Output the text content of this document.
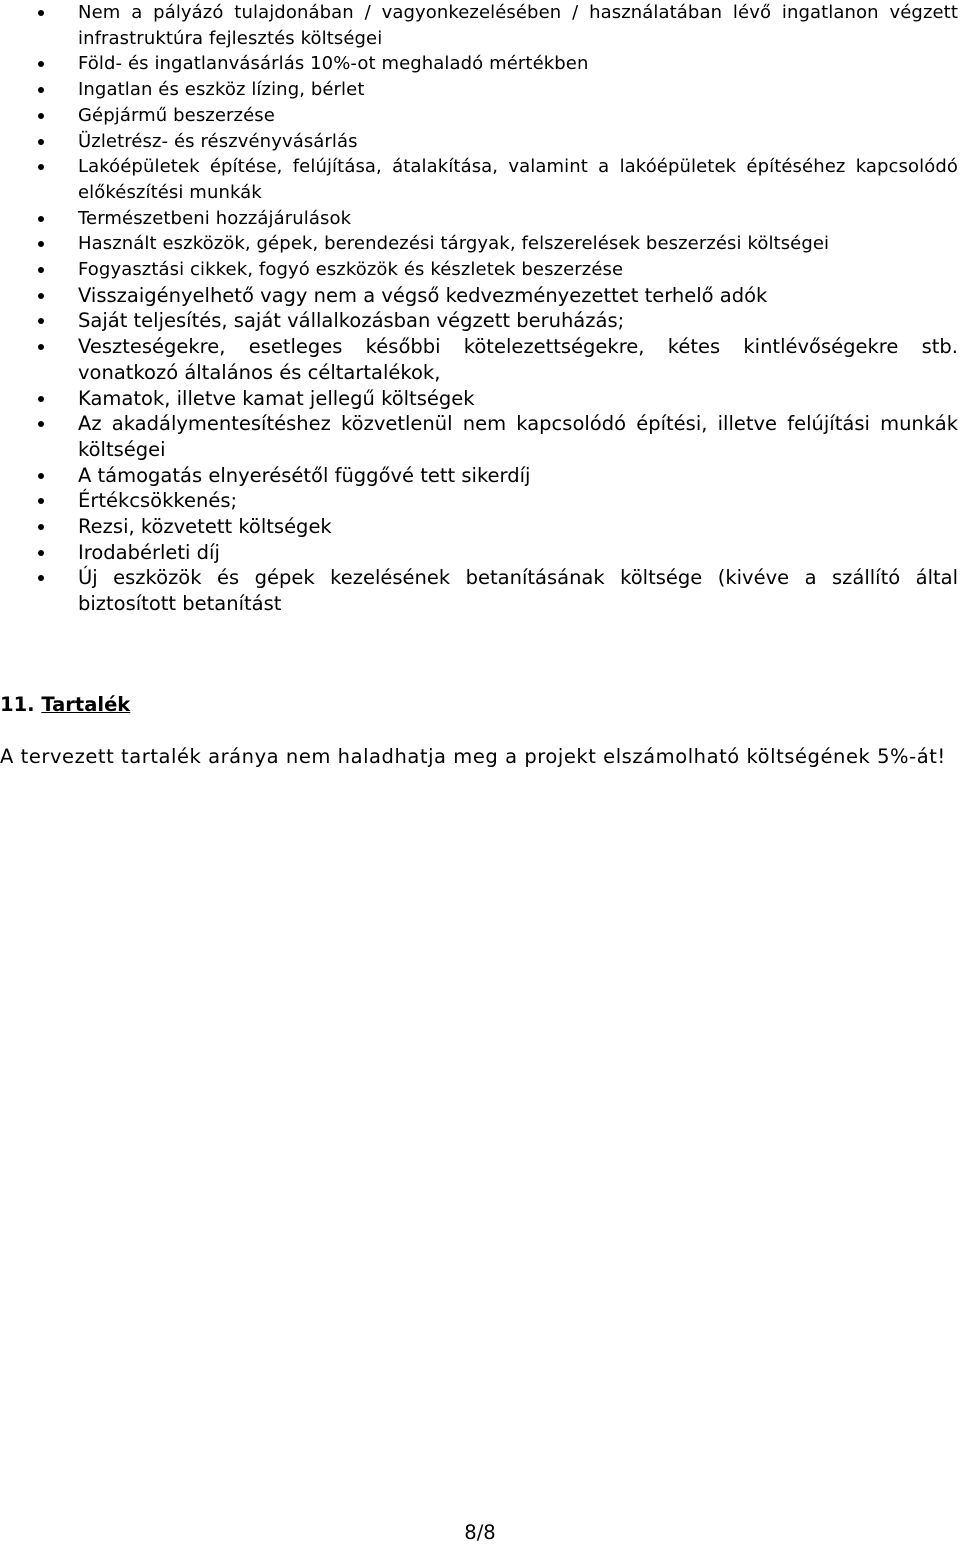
Nem a pályázó tulajdonában / vagyonkezelésében / használatában lévő ingatlanon végzett infrastruktúra fejlesztés költségei
Föld- és ingatlanvásárlás 10%-ot meghaladó mértékben
Ingatlan és eszköz lízing, bérlet
Gépjármű beszerzése
Üzletrész- és részvényvásárlás
Lakóépületek építése, felújítása, átalakítása, valamint a lakóépületek építéséhez kapcsolódó előkészítési munkák
Természetbeni hozzájárulások
Használt eszközök, gépek, berendezési tárgyak, felszerelések beszerzési költségei
Fogyasztási cikkek, fogyó eszközök és készletek beszerzése
Visszaigényelhető vagy nem a végső kedvezményezettet terhelő adók
Saját teljesítés, saját vállalkozásban végzett beruházás;
Veszteségekre, esetleges későbbi kötelezettségekre, kétes kintlévőségekre stb. vonatkozó általános és céltartalékok,
Kamatok, illetve kamat jellegű költségek
Az akadálymentesítéshez közvetlenül nem kapcsolódó építési, illetve felújítási munkák költségei
A támogatás elnyerésétől függővé tett sikerdíj
Értékcsökkenés;
Rezsi, közvetett költségek
Irodabérleti díj
Új eszközök és gépek kezelésének betanításának költsége (kivéve a szállító által biztosított betanítást
11. Tartalék

A tervezett tartalék aránya nem haladhatja meg a projekt elszámolható költségének 5%-át!

8/8
